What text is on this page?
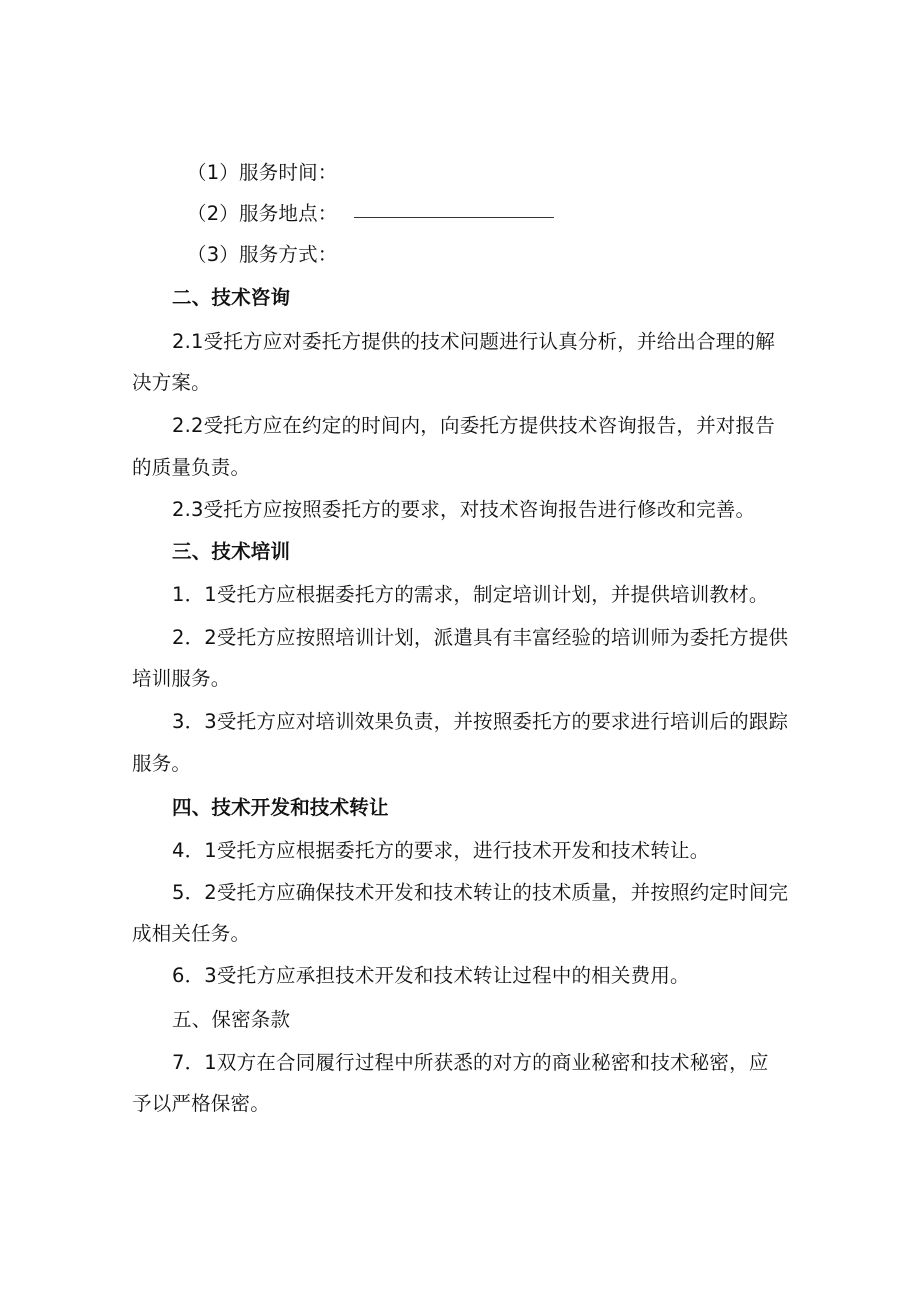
（1）服务时间：
（2）服务地点：
（3）服务方式：
二、技术咨询
2.1受托方应对委托方提供的技术问题进行认真分析，并给出合理的解
决方案。
2.2受托方应在约定的时间内，向委托方提供技术咨询报告，并对报告
的质量负责。
2.3受托方应按照委托方的要求，对技术咨询报告进行修改和完善。
三、技术培训
1．1受托方应根据委托方的需求，制定培训计划，并提供培训教材。
2．2受托方应按照培训计划，派遣具有丰富经验的培训师为委托方提供
培训服务。
3．3受托方应对培训效果负责，并按照委托方的要求进行培训后的跟踪
服务。
四、技术开发和技术转让
4．1受托方应根据委托方的要求，进行技术开发和技术转让。
5．2受托方应确保技术开发和技术转让的技术质量，并按照约定时间完
成相关任务。
6．3受托方应承担技术开发和技术转让过程中的相关费用。
五、保密条款
7．1双方在合同履行过程中所获悉的对方的商业秘密和技术秘密，应
予以严格保密。
